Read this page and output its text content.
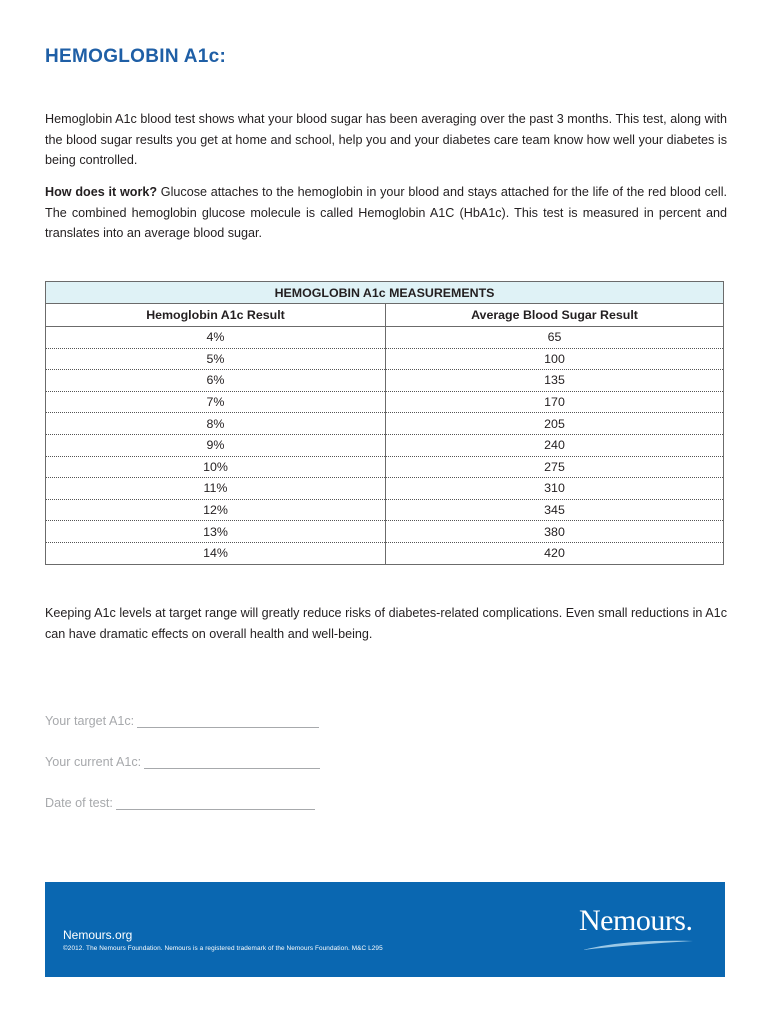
HEMOGLOBIN A1c:

Hemoglobin A1c blood test shows what your blood sugar has been averaging over the past 3 months. This test, along with the blood sugar results you get at home and school, help you and your diabetes care team know how well your diabetes is being controlled.

How does it work? Glucose attaches to the hemoglobin in your blood and stays attached for the life of the red blood cell. The combined hemoglobin glucose molecule is called Hemoglobin A1C (HbA1c). This test is measured in percent and translates into an average blood sugar.

HEMOGLOBIN A1c MEASUREMENTS	
Hemoglobin A1c Result	Average Blood Sugar Result
4%	65
5%	100
6%	135
7%	170
8%	205
9%	240
10%	275
11%	310
12%	345
13%	380
14%	420

Keeping A1c levels at target range will greatly reduce risks of diabetes-related complications. Even small reductions in A1c can have dramatic effects on overall health and well-being.

Your target A1c:
Your current A1c:
Date of test:
Nemours.org
©2012. The Nemours Foundation. Nemours is a registered trademark of the Nemours Foundation. M&C L295
Nemours.
